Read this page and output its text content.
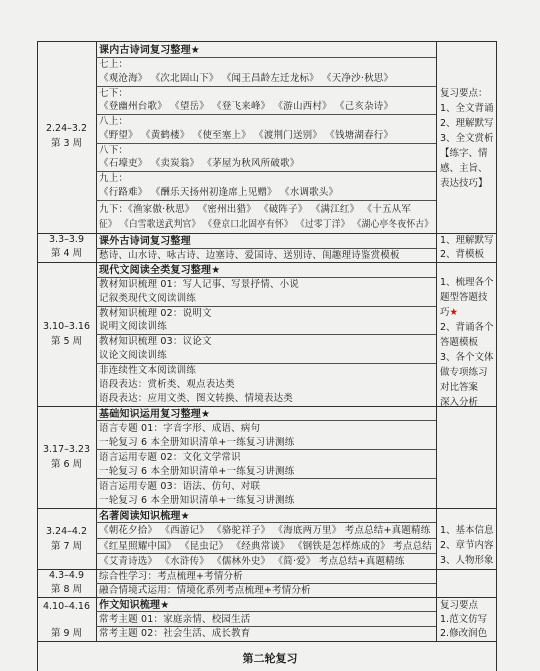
2.24–3.2
第 3 周
课内古诗词复习整理★
七上：
《观沧海》 《次北固山下》 《闻王昌龄左迁龙标》 《天净沙·秋思》
七下：
《登幽州台歌》 《望岳》 《登飞来峰》 《游山西村》 《己亥杂诗》
八上：
《野望》 《黄鹤楼》 《使至塞上》 《渡荆门送别》 《钱塘湖春行》
八下：
《石壕吏》 《卖炭翁》 《茅屋为秋风所破歌》
九上：
《行路难》 《酬乐天扬州初逢席上见赠》 《水调歌头》
九下：《渔家傲·秋思》 《密州出猎》 《破阵子》 《满江红》 《十五从军
征》 《白雪歌送武判官》 《登京口北固亭有怀》 《过零丁洋》 《湖心亭冬夜怀古》
复习要点：
1、全文背诵
2、理解默写
3、全文赏析
【练字、情
感、主旨、
表达技巧】
3.3–3.9
第 4 周
课外古诗词复习整理
愁诗、山水诗、咏古诗、边塞诗、爱国诗、送别诗、闺趣理诗鉴赏模板
1、理解默写
2、背模板
3.10–3.16
第 5 周
现代文阅读全类复习整理★
教材知识梳理 01：写人记事、写景抒情、小说
记叙类现代文阅读训练
教材知识梳理 02：说明文
说明文阅读训练
教材知识梳理 03：议论文
议论文阅读训练
非连续性文本阅读训练
语段表达：赏析类、观点表达类
语段表达：应用文类、图文转换、情境表达类
1、梳理各个
题型答题技
巧★
2、背诵各个
答题模板
3、各个文体
做专项练习
对比答案
深入分析
3.17–3.23
第 6 周
基础知识运用复习整理★
语言专题 01：字音字形、成语、病句
一轮复习 6 本全册知识清单+一练复习讲测练
语言运用专题 02：文化文学常识
一轮复习 6 本全册知识清单+一练复习讲测练
语言运用专题 03：语法、仿句、对联
一轮复习 6 本全册知识清单+一练复习讲测练
3.24–4.2
第 7 周
名著阅读知识梳理★
《朝花夕拾》 《西游记》 《骆驼祥子》 《海底两万里》 考点总结+真题精练
《红星照耀中国》 《昆虫记》 《经典常谈》 《钢铁是怎样炼成的》 考点总结
《艾青诗选》 《水浒传》 《儒林外史》 《简·爱》 考点总结+真题精练
1、基本信息
2、章节内容
3、人物形象
4.3–4.9
第 8 周
综合性学习：考点梳理+考情分析
融合情境式运用：情境化系列考点梳理+考情分析
4.10–4.16
第 9 周
作文知识梳理★
常考主题 01：家庭亲情、校园生活
常考主题 02：社会生活、成长教育
复习要点
1.范文仿写
2.修改润色
第二轮复习
